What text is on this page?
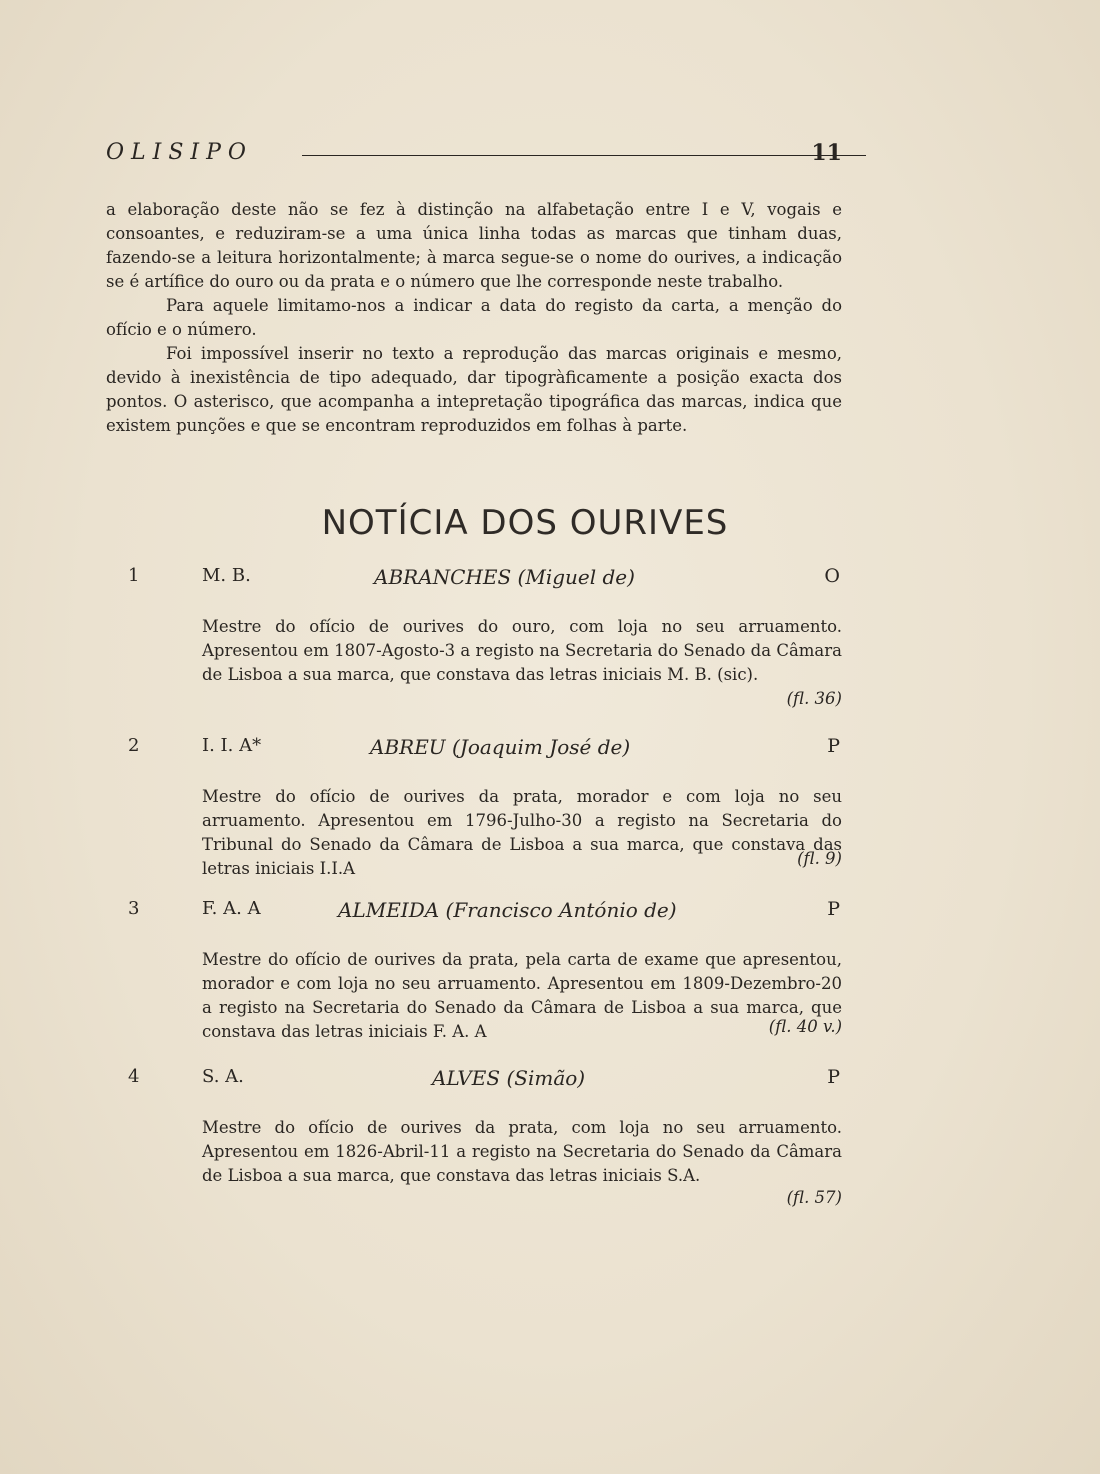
OLISIPO	11

a elaboração deste não se fez à distinção na alfabetação entre I e V, vogais e consoantes, e reduziram-se a uma única linha todas as marcas que tinham duas, fazendo-se a leitura horizontalmente; à marca segue-se o nome do ourives, a indicação se é artífice do ouro ou da prata e o número que lhe corresponde neste trabalho.

Para aquele limitamo-nos a indicar a data do registo da carta, a menção do ofício e o número.

Foi impossível inserir no texto a reprodução das marcas originais e mesmo, devido à inexistência de tipo adequado, dar tipogràficamente a posição exacta dos pontos. O asterisco, que acompanha a intepretação tipográfica das marcas, indica que existem punções e que se encontram reproduzidos em folhas à parte.

NOTÍCIA DOS OURIVES
1	M. B.	ABRANCHES (Miguel de)	O

Mestre do ofício de ourives do ouro, com loja no seu arruamento. Apresentou em 1807-Agosto-3 a registo na Secretaria do Senado da Câmara de Lisboa a sua marca, que constava das letras iniciais M. B. (sic).

(fl. 36)
2	I. I. A*	ABREU (Joaquim José de)	P

Mestre do ofício de ourives da prata, morador e com loja no seu arruamento. Apresentou em 1796-Julho-30 a registo na Secretaria do Tribunal do Senado da Câmara de Lisboa a sua marca, que constava das letras iniciais I.I.A

(fl. 9)
3	F. A. A	ALMEIDA (Francisco António de)	P

Mestre do ofício de ourives da prata, pela carta de exame que apresentou, morador e com loja no seu arruamento. Apresentou em 1809-Dezembro-20 a registo na Secretaria do Senado da Câmara de Lisboa a sua marca, que constava das letras iniciais F. A. A	(fl. 40 v.)
4	S. A.	ALVES (Simão)	P

Mestre do ofício de ourives da prata, com loja no seu arruamento. Apresentou em 1826-Abril-11 a registo na Secretaria do Senado da Câmara de Lisboa a sua marca, que constava das letras iniciais S.A.

(fl. 57)
